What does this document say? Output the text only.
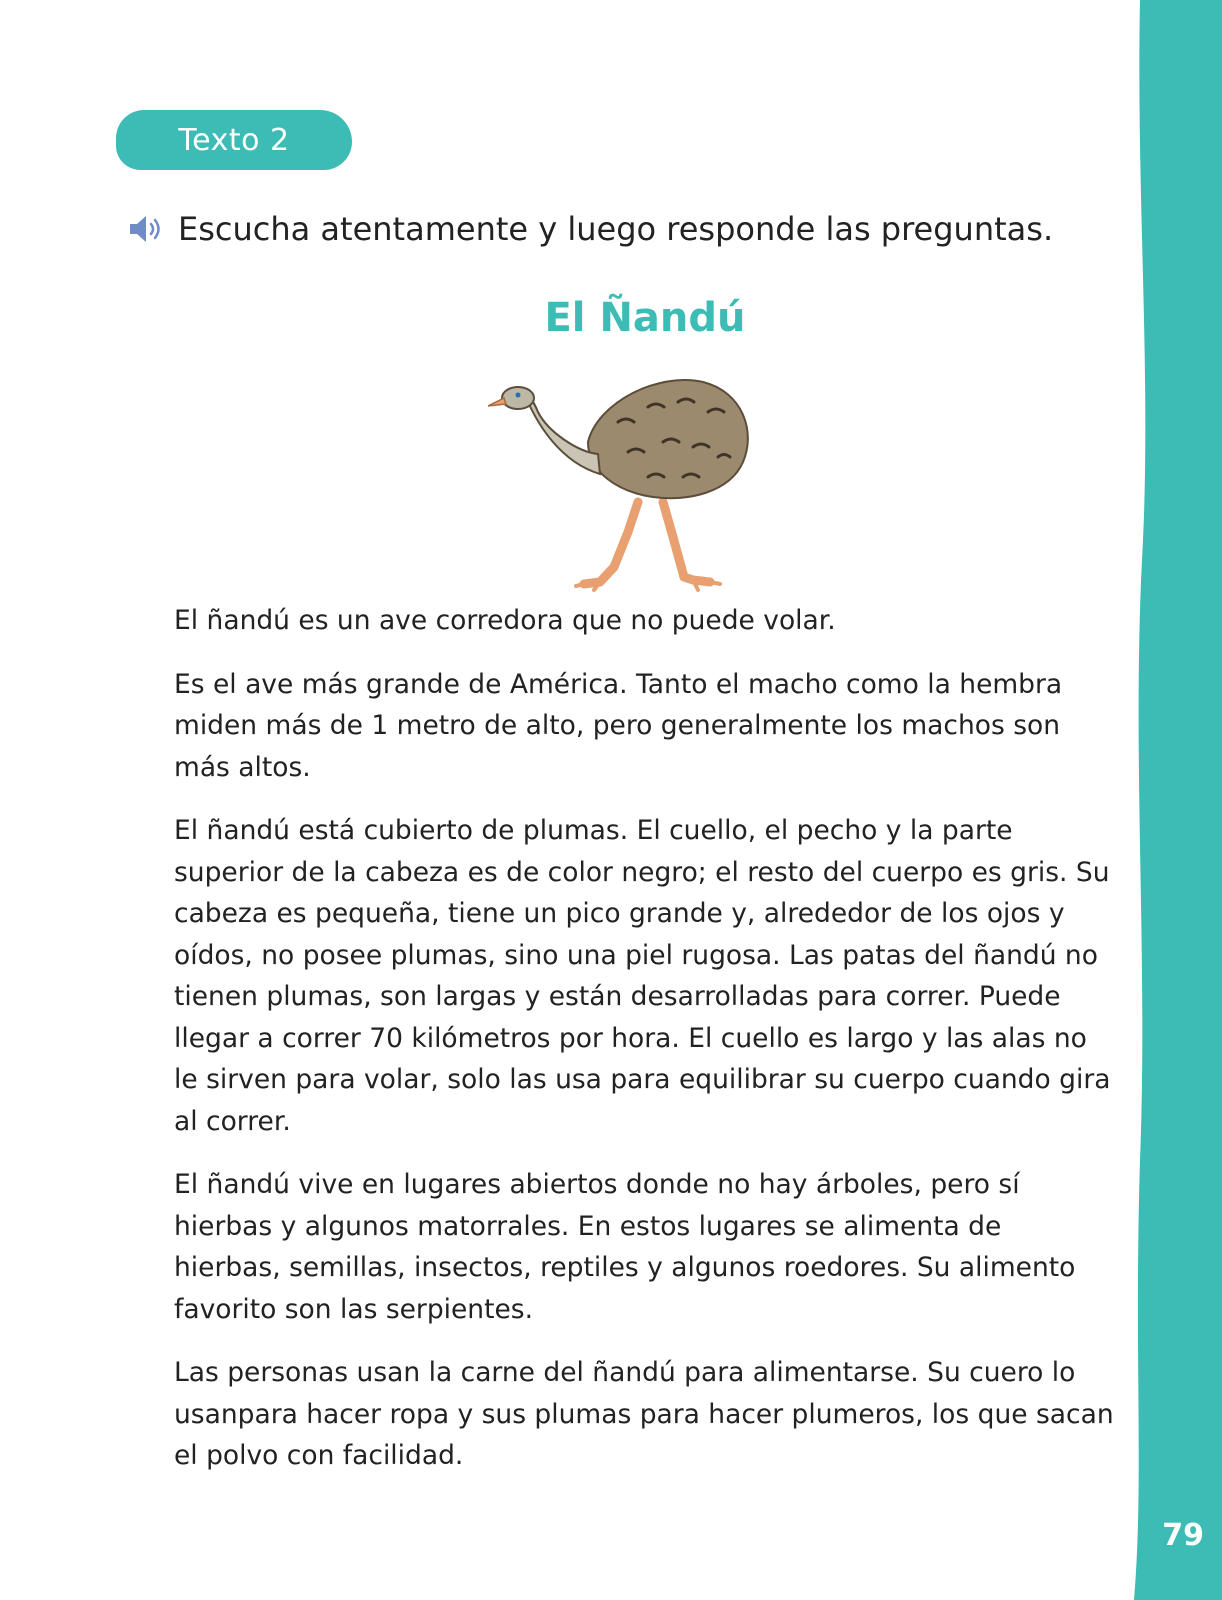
79
Texto 2
Escucha atentamente y luego responde las preguntas.
El Ñandú

El ñandú es un ave corredora que no puede volar.

Es el ave más grande de América. Tanto el macho como la hembra miden más de 1 metro de alto, pero generalmente los machos son más altos.

El ñandú está cubierto de plumas. El cuello, el pecho y la parte superior de la cabeza es de color negro; el resto del cuerpo es gris. Su cabeza es pequeña, tiene un pico grande y, alrededor de los ojos y oídos, no posee plumas, sino una piel rugosa. Las patas del ñandú no tienen plumas, son largas y están desarrolladas para correr. Puede llegar a correr 70 kilómetros por hora. El cuello es largo y las alas no le sirven para volar, solo las usa para equilibrar su cuerpo cuando gira al correr.

El ñandú vive en lugares abiertos donde no hay árboles, pero sí hierbas y algunos matorrales. En estos lugares se alimenta de hierbas, semillas, insectos, reptiles y algunos roedores. Su alimento favorito son las serpientes.

Las personas usan la carne del ñandú para alimentarse. Su cuero lo usanpara hacer ropa y sus plumas para hacer plumeros, los que sacan el polvo con facilidad.
